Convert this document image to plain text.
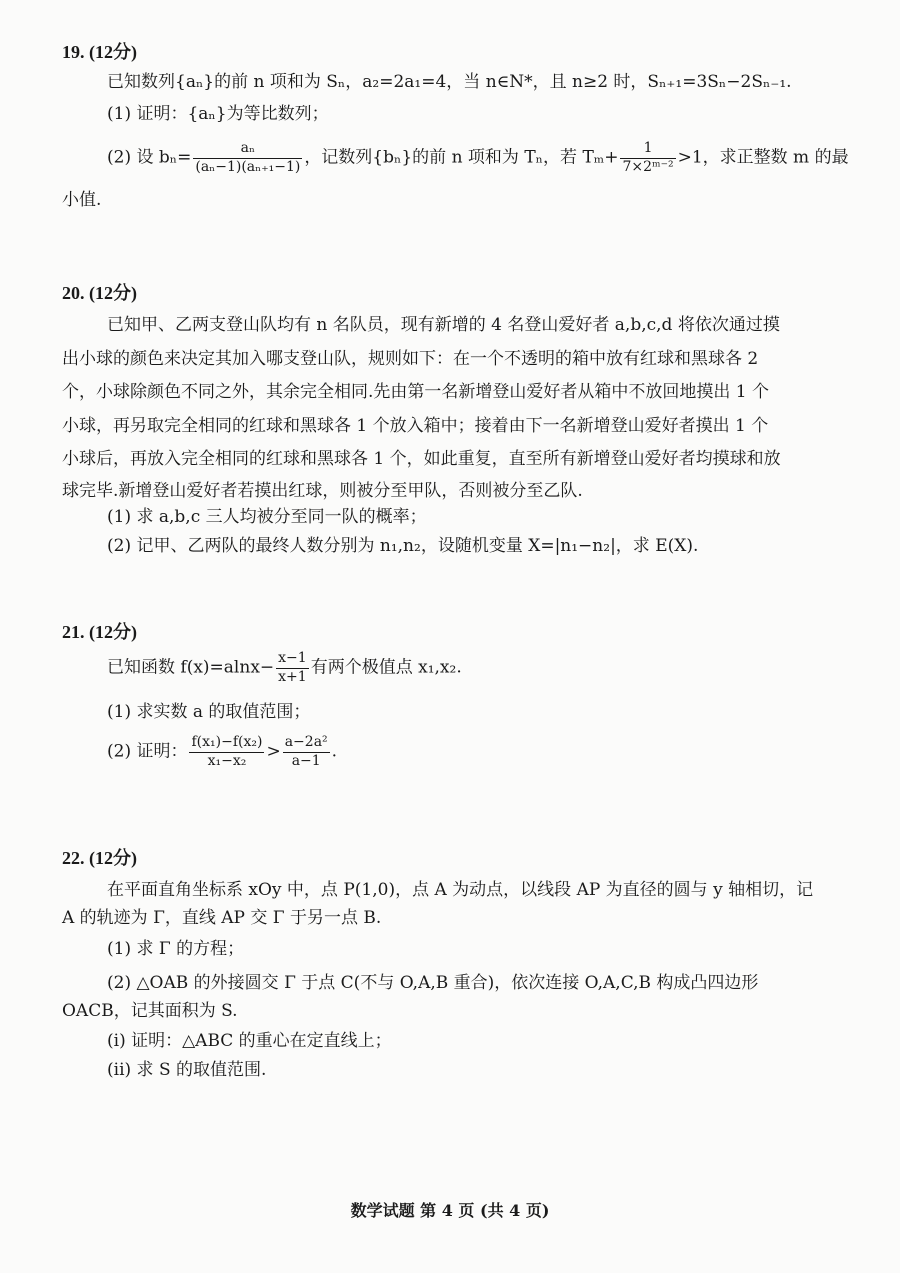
19. (12分)
已知数列{aₙ}的前 n 项和为 Sₙ，a₂=2a₁=4，当 n∈N*，且 n≥2 时，Sₙ₊₁=3Sₙ−2Sₙ₋₁.
(1) 证明：{aₙ}为等比数列；
(2) 设 $b_n= \frac{\text{aₙ}}{\text{(aₙ−1)(aₙ₊₁−1)}}$ ，记数列{bₙ}的前 n 项和为 Tₙ，若 $T_m+ \frac{1}{\text{7×2ᵐ⁻²}} >1$，求正整数 m 的最
小值.
20. (12分)
已知甲、乙两支登山队均有 n 名队员，现有新增的 4 名登山爱好者 a,b,c,d 将依次通过摸
出小球的颜色来决定其加入哪支登山队，规则如下：在一个不透明的箱中放有红球和黑球各 2
个，小球除颜色不同之外，其余完全相同.先由第一名新增登山爱好者从箱中不放回地摸出 1 个
小球，再另取完全相同的红球和黑球各 1 个放入箱中；接着由下一名新增登山爱好者摸出 1 个
小球后，再放入完全相同的红球和黑球各 1 个，如此重复，直至所有新增登山爱好者均摸球和放
球完毕.新增登山爱好者若摸出红球，则被分至甲队，否则被分至乙队.
(1) 求 a,b,c 三人均被分至同一队的概率；
(2) 记甲、乙两队的最终人数分别为 n₁,n₂，设随机变量 X=|n₁−n₂|，求 E(X).
21. (12分)
已知函数 $f(x)=alnx- \frac{x-1}{x+1}$ 有两个极值点 x₁,x₂.
(1) 求实数 a 的取值范围；
(2) 证明： $\frac{\text{f(x₁)−f(x₂)}}{\text{x₁−x₂}} > \frac{\text{a−2a²}}{a-1}$ .
22. (12分)
在平面直角坐标系 xOy 中，点 P(1,0)，点 A 为动点，以线段 AP 为直径的圆与 y 轴相切，记
A 的轨迹为 Γ，直线 AP 交 Γ 于另一点 B.
(1) 求 Γ 的方程；
(2) △OAB 的外接圆交 Γ 于点 C(不与 O,A,B 重合)，依次连接 O,A,C,B 构成凸四边形
OACB，记其面积为 S.
(i) 证明：△ABC 的重心在定直线上；
(ii) 求 S 的取值范围.
数学试题 第 4 页 (共 4 页)
